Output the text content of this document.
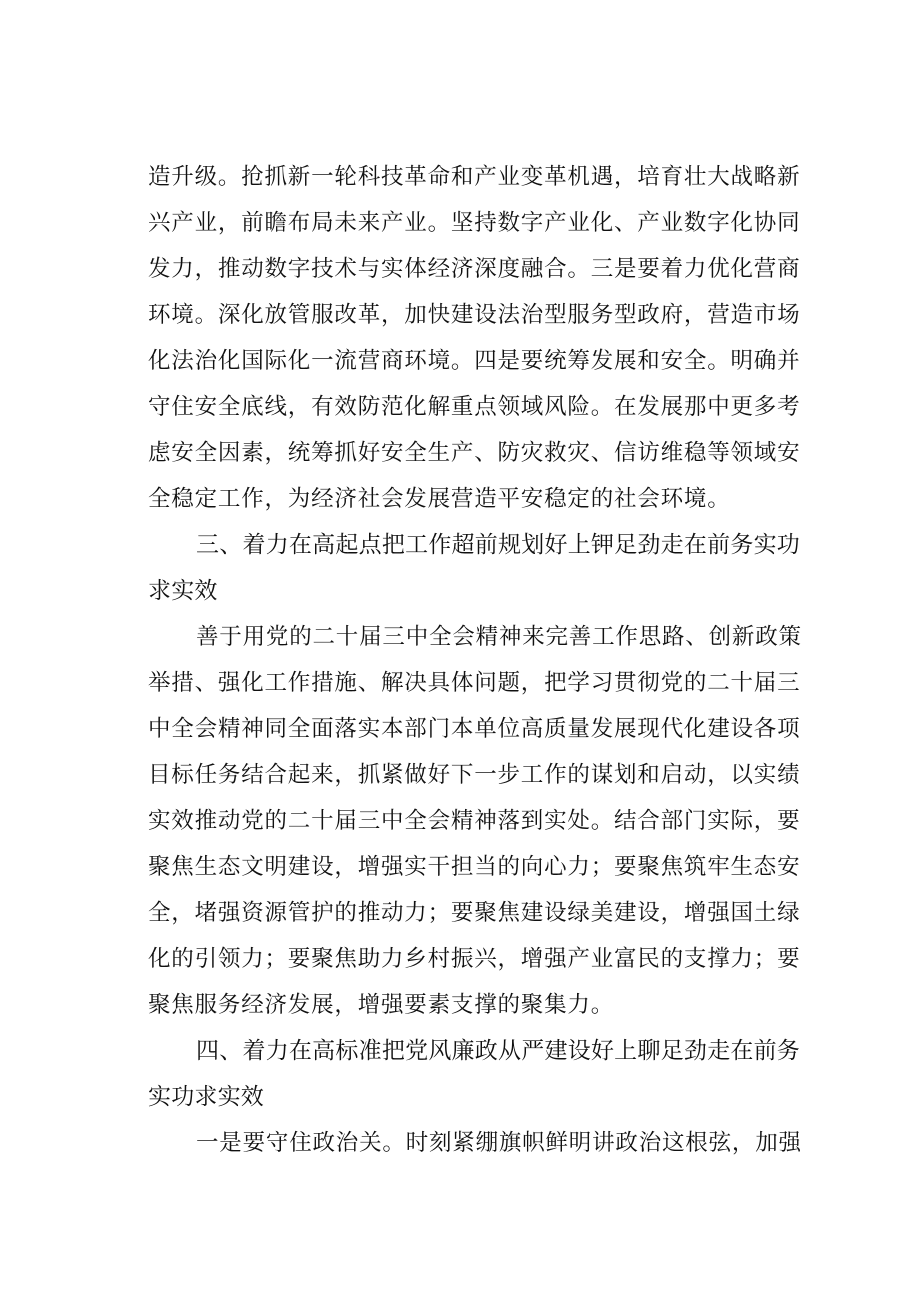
造升级。抢抓新一轮科技革命和产业变革机遇，培育壮大战略新
兴产业，前瞻布局未来产业。坚持数字产业化、产业数字化协同
发力，推动数字技术与实体经济深度融合。三是要着力优化营商
环境。深化放管服改革，加快建设法治型服务型政府，营造市场
化法治化国际化一流营商环境。四是要统筹发展和安全。明确并
守住安全底线，有效防范化解重点领域风险。在发展那中更多考
虑安全因素，统筹抓好安全生产、防灾救灾、信访维稳等领域安
全稳定工作，为经济社会发展营造平安稳定的社会环境。
三、着力在高起点把工作超前规划好上钾足劲走在前务实功
求实效
善于用党的二十届三中全会精神来完善工作思路、创新政策
举措、强化工作措施、解决具体问题，把学习贯彻党的二十届三
中全会精神同全面落实本部门本单位高质量发展现代化建设各项
目标任务结合起来，抓紧做好下一步工作的谋划和启动，以实绩
实效推动党的二十届三中全会精神落到实处。结合部门实际，要
聚焦生态文明建设，增强实干担当的向心力；要聚焦筑牢生态安
全，堵强资源管护的推动力；要聚焦建设绿美建设，增强国土绿
化的引领力；要聚焦助力乡村振兴，增强产业富民的支撑力；要
聚焦服务经济发展，增强要素支撑的聚集力。
四、着力在高标准把党风廉政从严建设好上聊足劲走在前务
实功求实效
一是要守住政治关。时刻紧绷旗帜鲜明讲政治这根弦，加强
